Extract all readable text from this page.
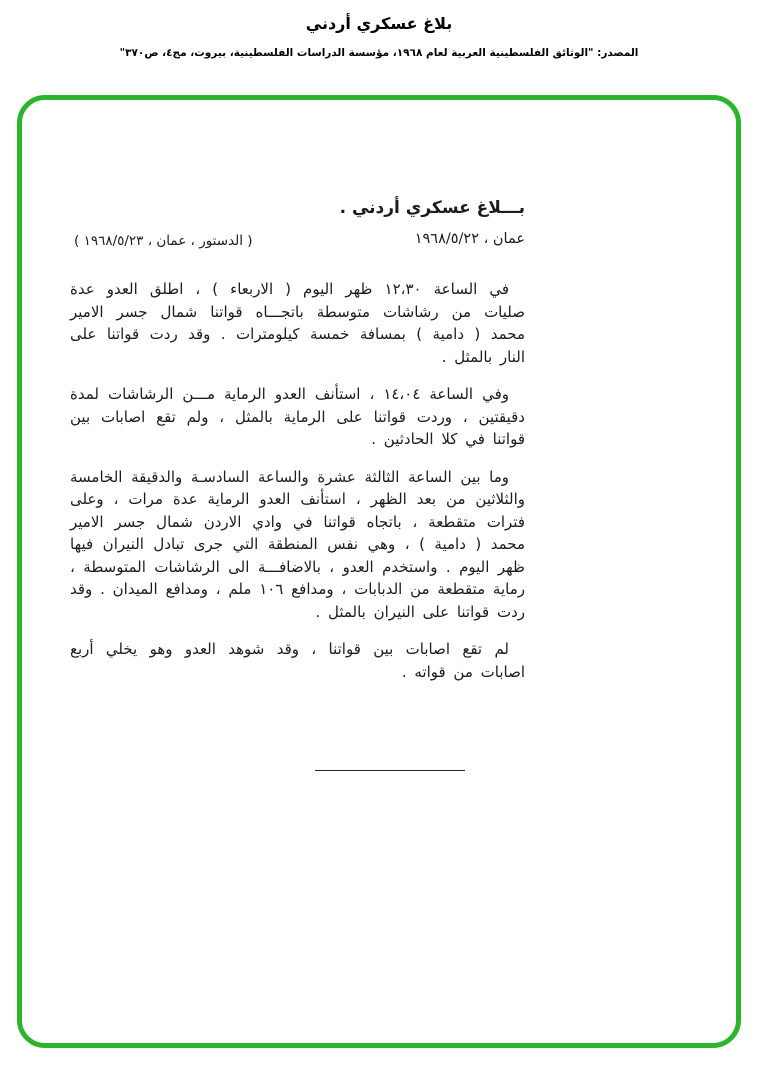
بلاغ عسكري أردني
المصدر: "الوثائق الفلسطينية العربية لعام ١٩٦٨، مؤسسة الدراسات الفلسطينية، بيروت، مج٤، ص٣٧٠"
( الدستور ، عمان ، ١٩٦٨/٥/٢٣ )
بـــلاغ عسكري أردني .
عمان ، ١٩٦٨/٥/٢٢

في الساعة ١٢،٣٠ ظهر اليوم ( الاربعاء ) ، اطلق العدو عدة صليات من رشاشات متوسطة باتجـــاه قواتنا شمال جسر الامير محمد ( دامية ) بمسافة خمسة كيلومترات . وقد ردت قواتنا على النار بالمثل .

وفي الساعة ١٤،٠٤ ، استأنف العدو الرماية مـــن الرشاشات لمدة دقيقتين ، وردت قواتنا على الرماية بالمثل ، ولم تقع اصابات بين قواتنا في كلا الحادثين .

وما بين الساعة الثالثة عشرة والساعة السادسـة والدقيقة الخامسة والثلاثين من بعد الظهر ، استأنف العدو الرماية عدة مرات ، وعلى فترات متقطعة ، باتجاه قواتنا في وادي الاردن شمال جسر الامير محمد ( دامية ) ، وهي نفس المنطقة التي جرى تبادل النيران فيها ظهر اليوم . واستخدم العدو ، بالاضافـــة الى الرشاشات المتوسطة ، رماية متقطعة من الدبابات ، ومدافع ١٠٦ ملم ، ومدافع الميدان . وقد ردت قواتنا على النيران بالمثل .

لم تقع اصابات بين قواتنا ، وقد شوهد العدو وهو يخلي أربع اصابات من قواته .
